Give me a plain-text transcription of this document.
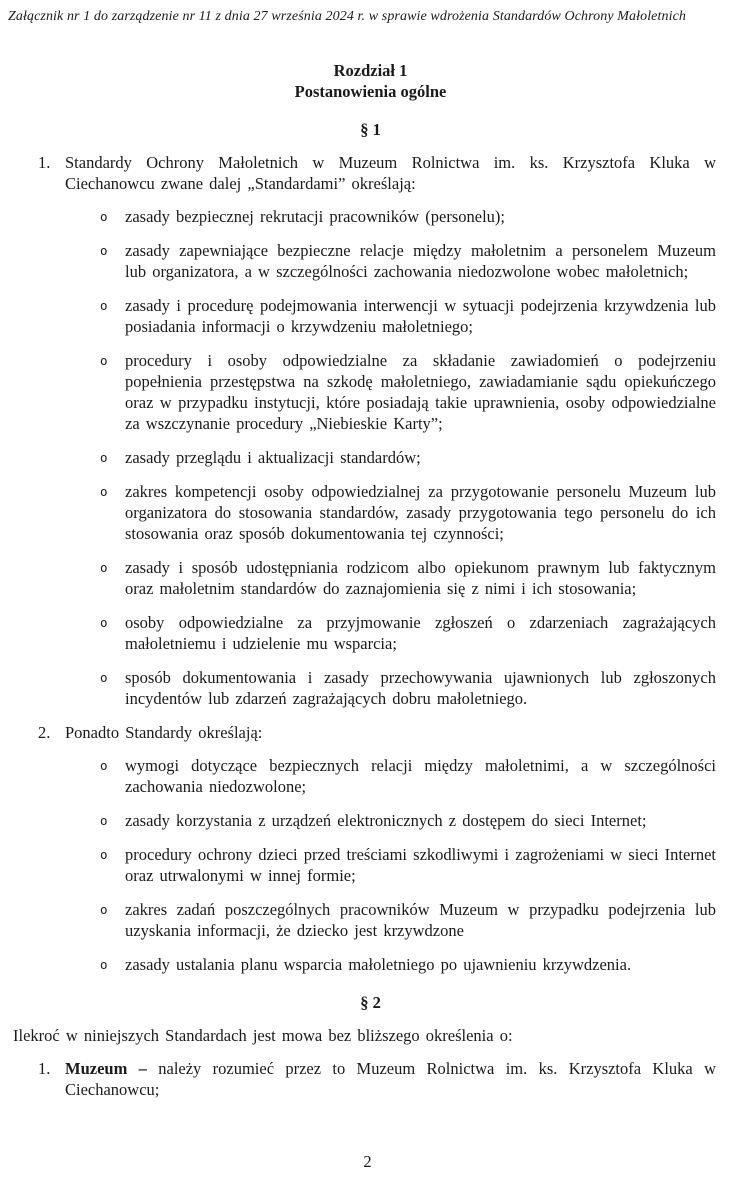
Załącznik nr 1 do zarządzenie nr 11 z dnia 27 września 2024 r. w sprawie wdrożenia Standardów Ochrony Małoletnich
Rozdział 1
Postanowienia ogólne
§ 1
1. Standardy Ochrony Małoletnich w Muzeum Rolnictwa im. ks. Krzysztofa Kluka w Ciechanowcu zwane dalej „Standardami” określają:
o	zasady bezpiecznej rekrutacji pracowników (personelu);
o	zasady zapewniające bezpieczne relacje między małoletnim a personelem Muzeum lub organizatora, a w szczególności zachowania niedozwolone wobec małoletnich;
o	zasady i procedurę podejmowania interwencji w sytuacji podejrzenia krzywdzenia lub posiadania informacji o krzywdzeniu małoletniego;
o	procedury i osoby odpowiedzialne za składanie zawiadomień o podejrzeniu popełnienia przestępstwa na szkodę małoletniego, zawiadamianie sądu opiekuńczego oraz w przypadku instytucji, które posiadają takie uprawnienia, osoby odpowiedzialne za wszczynanie procedury „Niebieskie Karty”;
o	zasady przeglądu i aktualizacji standardów;
o	zakres kompetencji osoby odpowiedzialnej za przygotowanie personelu Muzeum lub organizatora do stosowania standardów, zasady przygotowania tego personelu do ich stosowania oraz sposób dokumentowania tej czynności;
o	zasady i sposób udostępniania rodzicom albo opiekunom prawnym lub faktycznym oraz małoletnim standardów do zaznajomienia się z nimi i ich stosowania;
o	osoby odpowiedzialne za przyjmowanie zgłoszeń o zdarzeniach zagrażających małoletniemu i udzielenie mu wsparcia;
o	sposób dokumentowania i zasady przechowywania ujawnionych lub zgłoszonych incydentów lub zdarzeń zagrażających dobru małoletniego.
2. Ponadto Standardy określają:
o	wymogi dotyczące bezpiecznych relacji między małoletnimi, a w szczególności zachowania niedozwolone;
o	zasady korzystania z urządzeń elektronicznych z dostępem do sieci Internet;
o	procedury ochrony dzieci przed treściami szkodliwymi i zagrożeniami w sieci Internet oraz utrwalonymi w innej formie;
o	zakres zadań poszczególnych pracowników Muzeum w przypadku podejrzenia lub uzyskania informacji, że dziecko jest krzywdzone
o	zasady ustalania planu wsparcia małoletniego po ujawnieniu krzywdzenia.
§ 2
Ilekroć w niniejszych Standardach jest mowa bez bliższego określenia o:
1. Muzeum – należy rozumieć przez to Muzeum Rolnictwa im. ks. Krzysztofa Kluka w Ciechanowcu;
2
